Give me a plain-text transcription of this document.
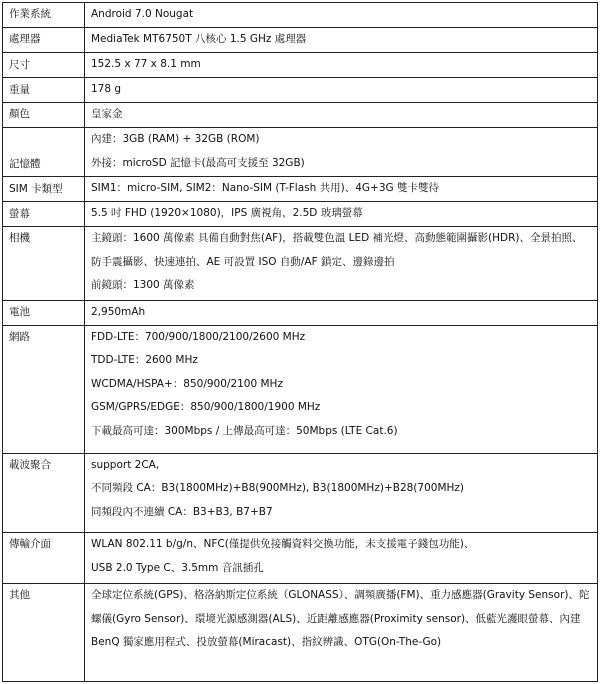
作業系統	Android 7.0 Nougat

處理器	MediaTek MT6750T 八核心 1.5 GHz 處理器

尺寸	152.5 x 77 x 8.1 mm

重量	178 g

顏色	皇家金

記憶體	內建：3GB (RAM) + 32GB (ROM)
外接：microSD 記憶卡(最高可支援至 32GB)

SIM 卡類型	SIM1：micro-SIM, SIM2：Nano-SIM (T-Flash 共用)、4G+3G 雙卡雙待

螢幕	5.5 吋 FHD (1920×1080)，IPS 廣視角，2.5D 玻璃螢幕

相機	主鏡頭：1600 萬像素 具備自動對焦(AF)，搭載雙色溫 LED 補光燈、高動態範圍攝影(HDR)、全景拍照、防手震攝影、快速連拍、AE 可設置 ISO 自動/AF 鎖定、邊錄邊拍
前鏡頭：1300 萬像素

電池	2,950mAh

網路	FDD-LTE：700/900/1800/2100/2600 MHz
TDD-LTE：2600 MHz
WCDMA/HSPA+：850/900/2100 MHz
GSM/GPRS/EDGE：850/900/1800/1900 MHz
下載最高可達：300Mbps / 上傳最高可達：50Mbps (LTE Cat.6)

載波聚合	support 2CA,
不同頻段 CA：B3(1800MHz)+B8(900MHz), B3(1800MHz)+B28(700MHz)
同頻段內不連續 CA：B3+B3, B7+B7

傳輸介面	WLAN 802.11 b/g/n、NFC(僅提供免接觸資料交換功能，未支援電子錢包功能)、
USB 2.0 Type C、3.5mm 音訊插孔

其他	全球定位系統(GPS)、格洛納斯定位系統（GLONASS）、調頻廣播(FM)、重力感應器(Gravity Sensor)、陀螺儀(Gyro Sensor)、環境光源感測器(ALS)、近距離感應器(Proximity sensor)、低藍光護眼螢幕、內建 BenQ 獨家應用程式、投放螢幕(Miracast)、指紋辨識、OTG(On-The-Go)
